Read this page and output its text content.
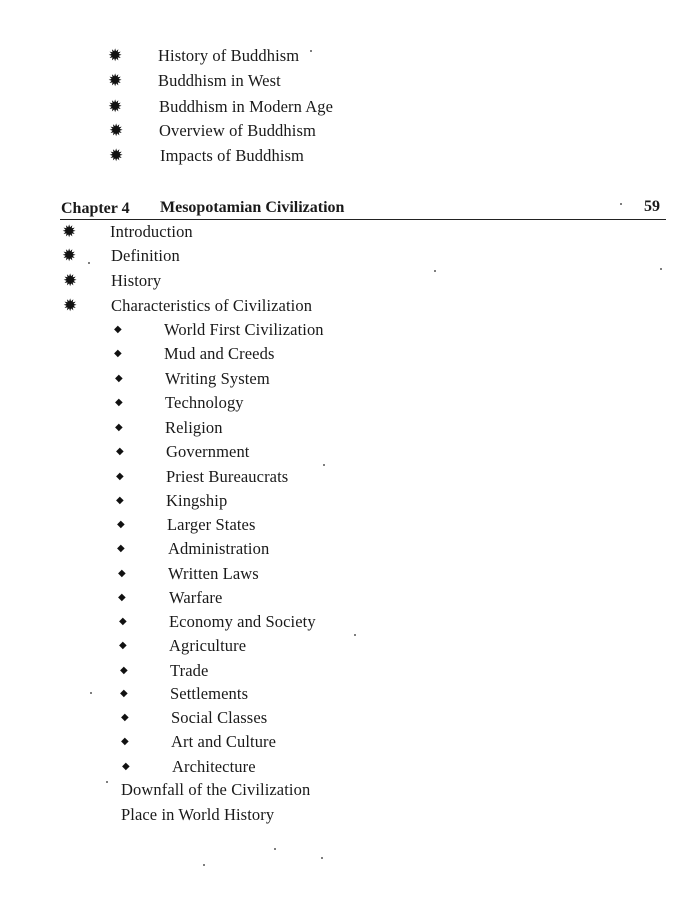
✹ History of Buddhism
✹ Buddhism in West
✹ Buddhism in Modern Age
✹ Overview of Buddhism
✹ Impacts of Buddhism
Chapter 4 Mesopotamian Civilization	59
✹ Introduction
✹ Definition
✹ History
✹ Characteristics of Civilization
◆	World First Civilization
◆	Mud and Creeds
◆	Writing System
◆	Technology
◆	Religion
◆	Government
◆	Priest Bureaucrats
◆	Kingship
◆	Larger States
◆	Administration
◆	Written Laws
◆	Warfare
◆	Economy and Society
◆	Agriculture
◆	Trade
◆	Settlements
◆	Social Classes
◆	Art and Culture
◆	Architecture
Downfall of the Civilization
Place in World History
